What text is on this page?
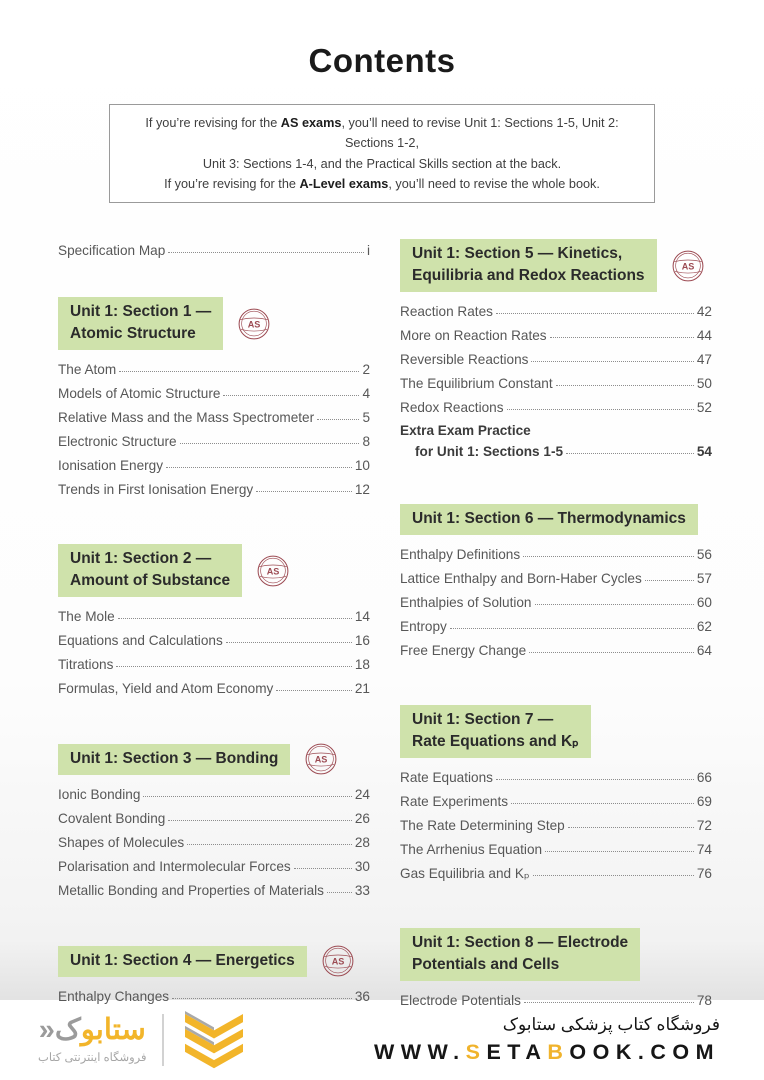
Contents
If you’re revising for the AS exams, you’ll need to revise Unit 1: Sections 1-5, Unit 2: Sections 1-2,
Unit 3: Sections 1-4, and the Practical Skills section at the back.
If you’re revising for the A-Level exams, you’ll need to revise the whole book.
Specification Map	i
Unit 1: Section 1 —
Atomic Structure
AS
The Atom	2
Models of Atomic Structure	4
Relative Mass and the Mass Spectrometer	5
Electronic Structure	8
Ionisation Energy	10
Trends in First Ionisation Energy	12
Unit 1: Section 2 —
Amount of Substance
AS
The Mole	14
Equations and Calculations	16
Titrations	18
Formulas, Yield and Atom Economy	21
Unit 1: Section 3 — Bonding	AS
Ionic Bonding	24
Covalent Bonding	26
Shapes of Molecules	28
Polarisation and Intermolecular Forces	30
Metallic Bonding and Properties of Materials 33
Unit 1: Section 4 — Energetics	AS
Enthalpy Changes	36
Unit 1: Section 5 — Kinetics,
Equilibria and Redox Reactions
AS
Reaction Rates	42
More on Reaction Rates	44
Reversible Reactions	47
The Equilibrium Constant	50
Redox Reactions	52
Extra Exam Practice
for Unit 1: Sections 1-5	54
Unit 1: Section 6 — Thermodynamics
Enthalpy Definitions	56
Lattice Enthalpy and Born-Haber Cycles	57
Enthalpies of Solution	60
Entropy	62
Free Energy Change	64
Unit 1: Section 7 —
Rate Equations and Kₚ
Rate Equations	66
Rate Experiments	69
The Rate Determining Step	72
The Arrhenius Equation	74
Gas Equilibria and Kₚ	76
Unit 1: Section 8 — Electrode
Potentials and Cells
Electrode Potentials	78
ستابوک«
فروشگاه اینترنتی کتاب
فروشگاه کتاب پزشکی ستابوک
WWW.SETABOOK.COM
